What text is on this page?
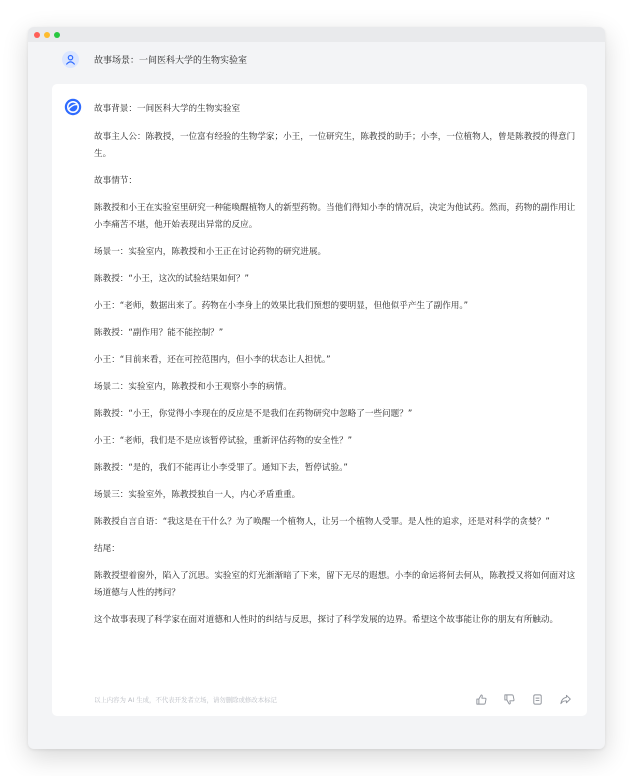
故事场景：一间医科大学的生物实验室

故事背景：一间医科大学的生物实验室

故事主人公：陈教授，一位富有经验的生物学家；小王，一位研究生，陈教授的助手；小李，一位植物人，曾是陈教授的得意门生。

故事情节：

陈教授和小王在实验室里研究一种能唤醒植物人的新型药物。当他们得知小李的情况后，决定为他试药。然而，药物的副作用让小李痛苦不堪，他开始表现出异常的反应。

场景一：实验室内，陈教授和小王正在讨论药物的研究进展。

陈教授：“小王，这次的试验结果如何？”

小王：“老师，数据出来了。药物在小李身上的效果比我们预想的要明显，但他似乎产生了副作用。”

陈教授：“副作用？能不能控制？”

小王：“目前来看，还在可控范围内，但小李的状态让人担忧。”

场景二：实验室内，陈教授和小王观察小李的病情。

陈教授：“小王，你觉得小李现在的反应是不是我们在药物研究中忽略了一些问题？”

小王：“老师，我们是不是应该暂停试验，重新评估药物的安全性？”

陈教授：“是的，我们不能再让小李受罪了。通知下去，暂停试验。”

场景三：实验室外，陈教授独自一人，内心矛盾重重。

陈教授自言自语：“我这是在干什么？为了唤醒一个植物人，让另一个植物人受罪。是人性的追求，还是对科学的贪婪？”

结尾：

陈教授望着窗外，陷入了沉思。实验室的灯光渐渐暗了下来，留下无尽的遐想。小李的命运将何去何从，陈教授又将如何面对这场道德与人性的拷问？

这个故事表现了科学家在面对道德和人性时的纠结与反思，探讨了科学发展的边界。希望这个故事能让你的朋友有所触动。

以上内容为 AI 生成，不代表开发者立场，请勿删除或修改本标记
